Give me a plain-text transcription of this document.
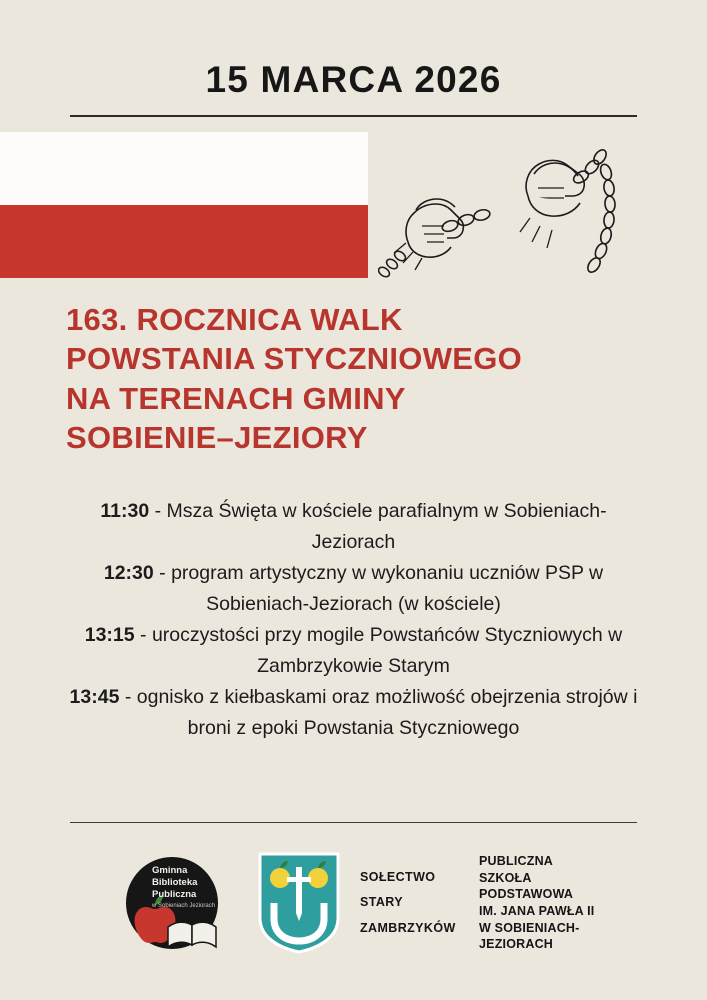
15 MARCA 2026
163. ROCZNICA WALK
POWSTANIA STYCZNIOWEGO
NA TERENACH GMINY
SOBIENIE–JEZIORY
11:30 - Msza Święta w kościele parafialnym w Sobieniach-Jeziorach
12:30 - program artystyczny w wykonaniu uczniów PSP w Sobieniach-Jeziorach (w kościele)
13:15 - uroczystości przy mogile Powstańców Styczniowych w Zambrzykowie Starym
13:45 - ognisko z kiełbaskami oraz możliwość obejrzenia strojów i broni z epoki Powstania Styczniowego
Gminna
Biblioteka
Publiczna
w Sobieniach Jeziorach
SOŁECTWO
STARY
ZAMBRZYKÓW
PUBLICZNA
SZKOŁA
PODSTAWOWA
IM. JANA PAWŁA II
W SOBIENIACH-
JEZIORACH
